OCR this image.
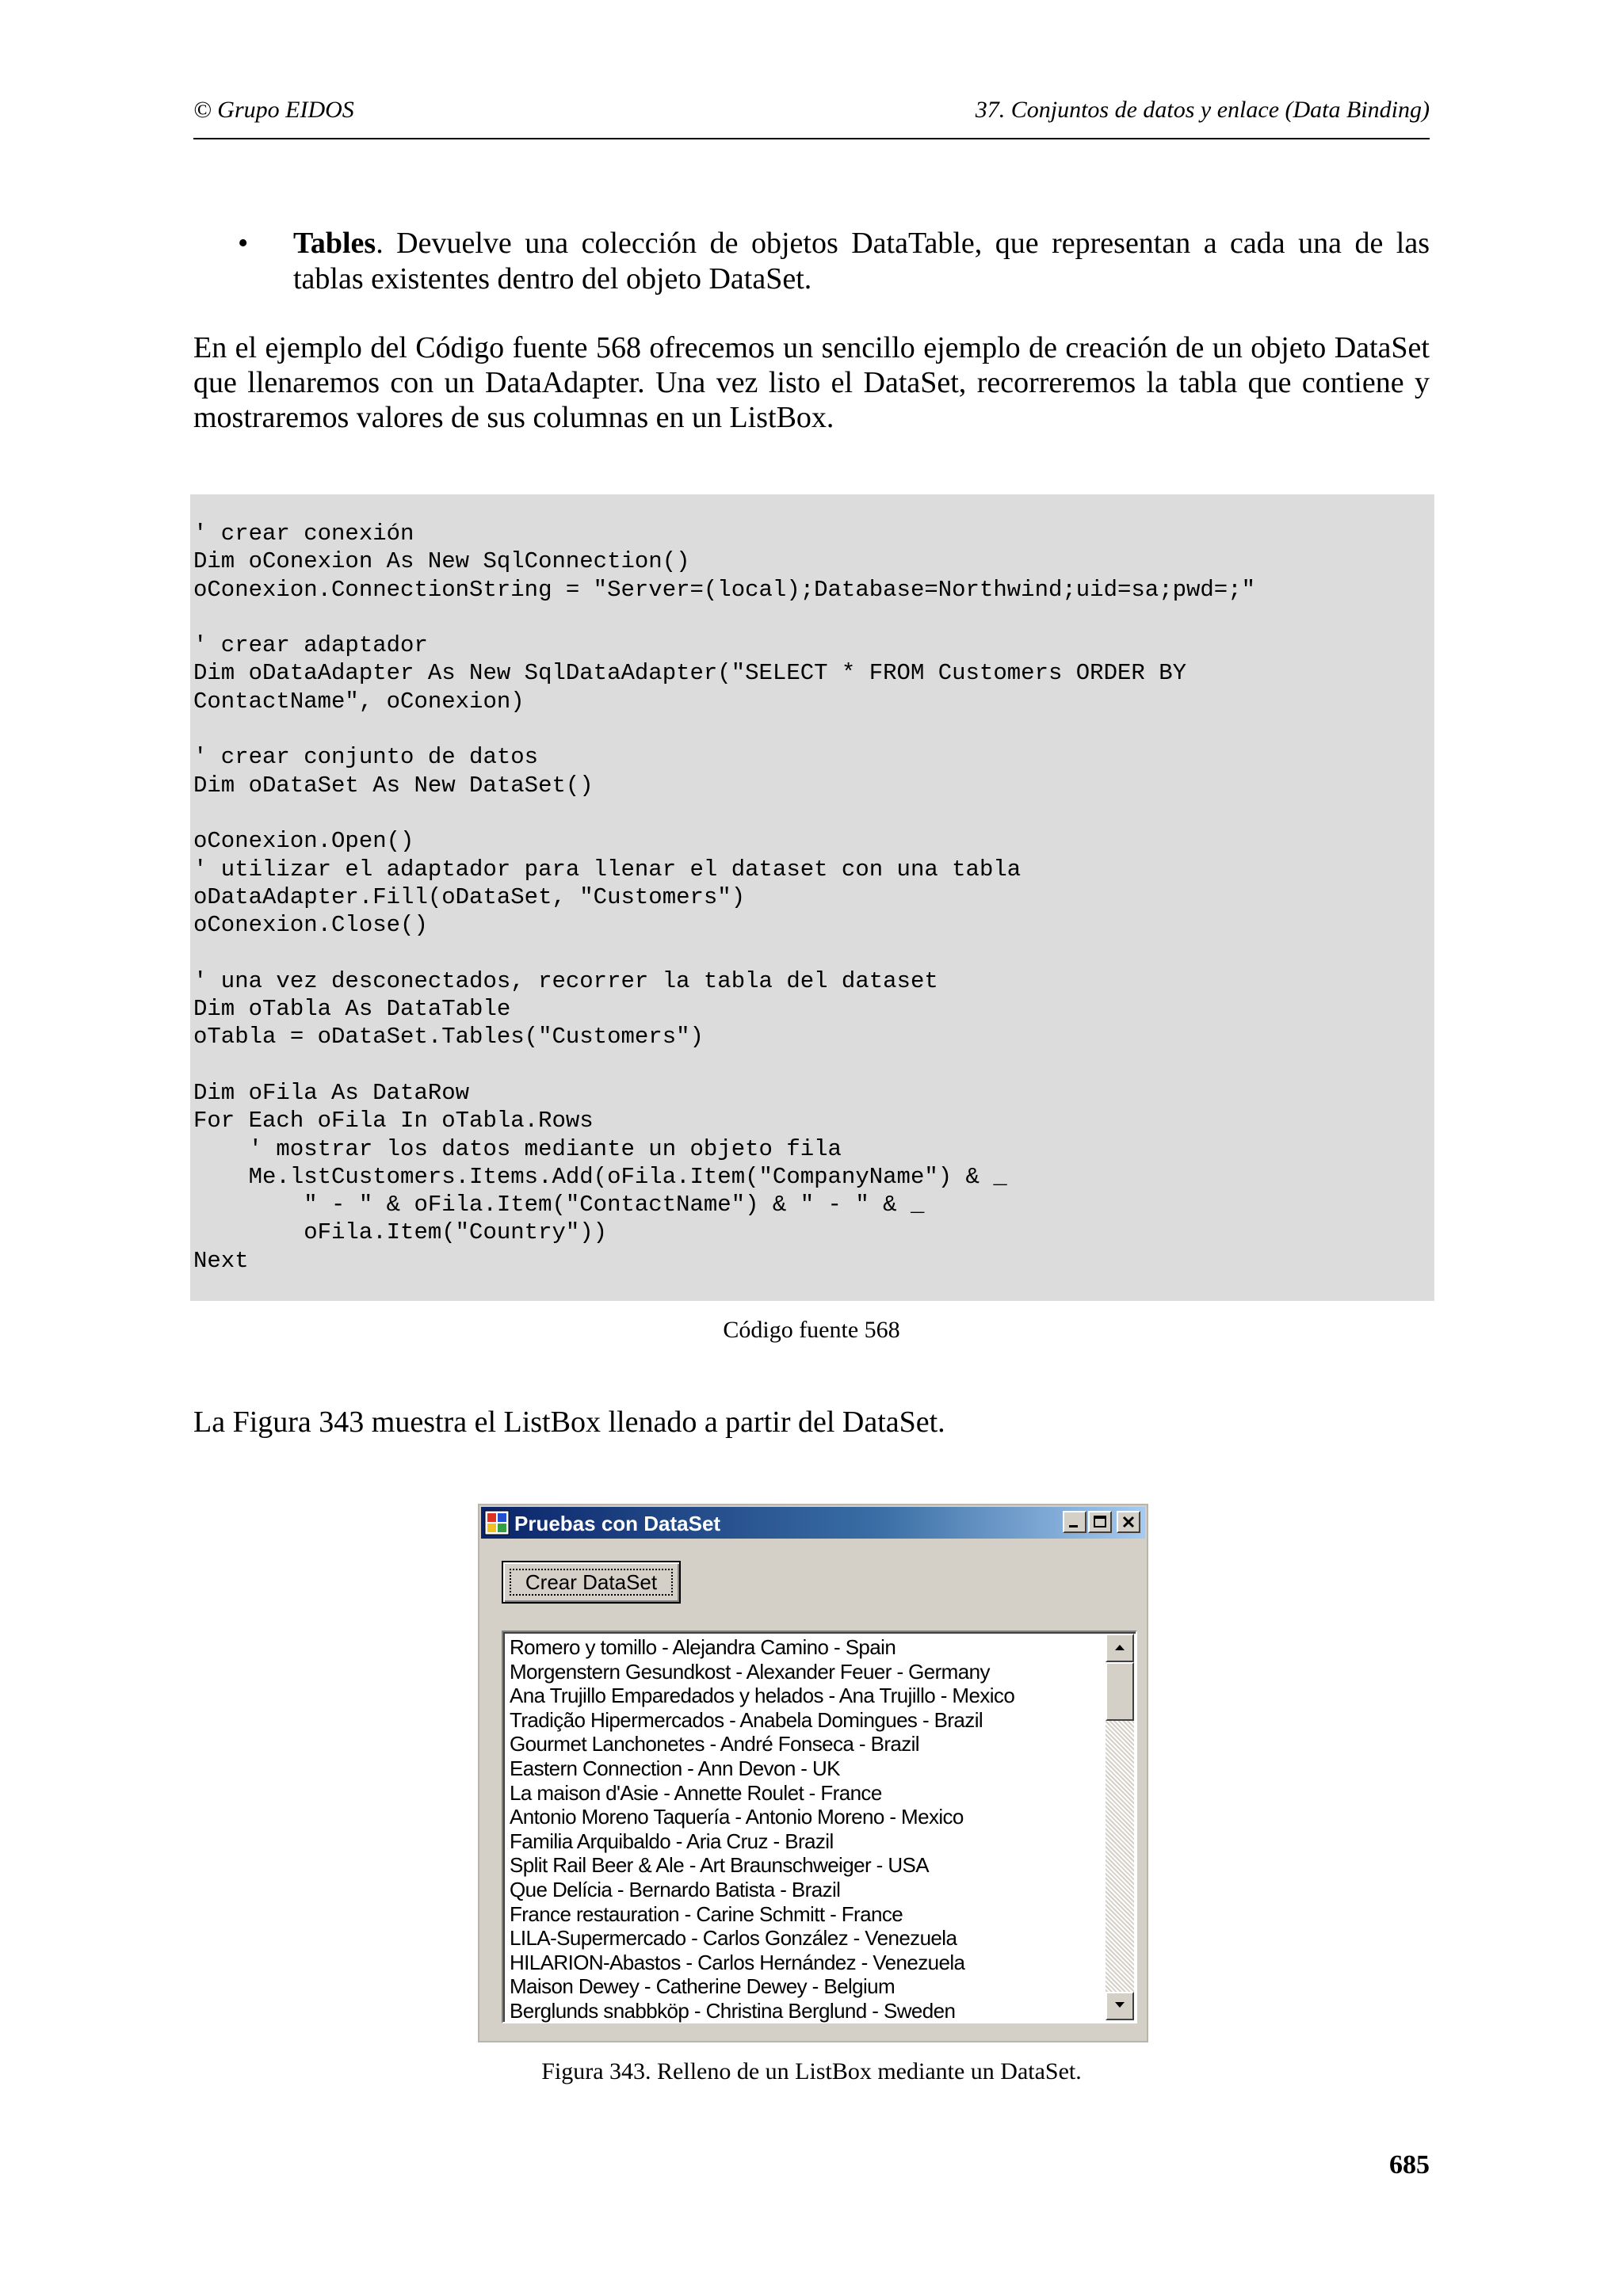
© Grupo EIDOS	37. Conjuntos de datos y enlace (Data Binding)
• Tables. Devuelve una colección de objetos DataTable, que representan a cada una de las tablas existentes dentro del objeto DataSet.
En el ejemplo del Código fuente 568 ofrecemos un sencillo ejemplo de creación de un objeto DataSet que llenaremos con un DataAdapter. Una vez listo el DataSet, recorreremos la tabla que contiene y mostraremos valores de sus columnas en un ListBox.
' crear conexión
Dim oConexion As New SqlConnection()
oConexion.ConnectionString = "Server=(local);Database=Northwind;uid=sa;pwd=;"

' crear adaptador
Dim oDataAdapter As New SqlDataAdapter("SELECT * FROM Customers ORDER BY
ContactName", oConexion)

' crear conjunto de datos
Dim oDataSet As New DataSet()

oConexion.Open()
' utilizar el adaptador para llenar el dataset con una tabla
oDataAdapter.Fill(oDataSet, "Customers")
oConexion.Close()

' una vez desconectados, recorrer la tabla del dataset
Dim oTabla As DataTable
oTabla = oDataSet.Tables("Customers")

Dim oFila As DataRow
For Each oFila In oTabla.Rows
' mostrar los datos mediante un objeto fila
Me.lstCustomers.Items.Add(oFila.Item("CompanyName") & _
" - " & oFila.Item("ContactName") & " - " & _
oFila.Item("Country"))
Next
Código fuente 568
La Figura 343 muestra el ListBox llenado a partir del DataSet.
Pruebas con DataSet
Crear DataSet
Romero y tomillo - Alejandra Camino - Spain
Morgenstern Gesundkost - Alexander Feuer - Germany
Ana Trujillo Emparedados y helados - Ana Trujillo - Mexico
Tradição Hipermercados - Anabela Domingues - Brazil
Gourmet Lanchonetes - André Fonseca - Brazil
Eastern Connection - Ann Devon - UK
La maison d'Asie - Annette Roulet - France
Antonio Moreno Taquería - Antonio Moreno - Mexico
Familia Arquibaldo - Aria Cruz - Brazil
Split Rail Beer & Ale - Art Braunschweiger - USA
Que Delícia - Bernardo Batista - Brazil
France restauration - Carine Schmitt - France
LILA-Supermercado - Carlos González - Venezuela
HILARION-Abastos - Carlos Hernández - Venezuela
Maison Dewey - Catherine Dewey - Belgium
Berglunds snabbköp - Christina Berglund - Sweden
Figura 343. Relleno de un ListBox mediante un DataSet.
685
